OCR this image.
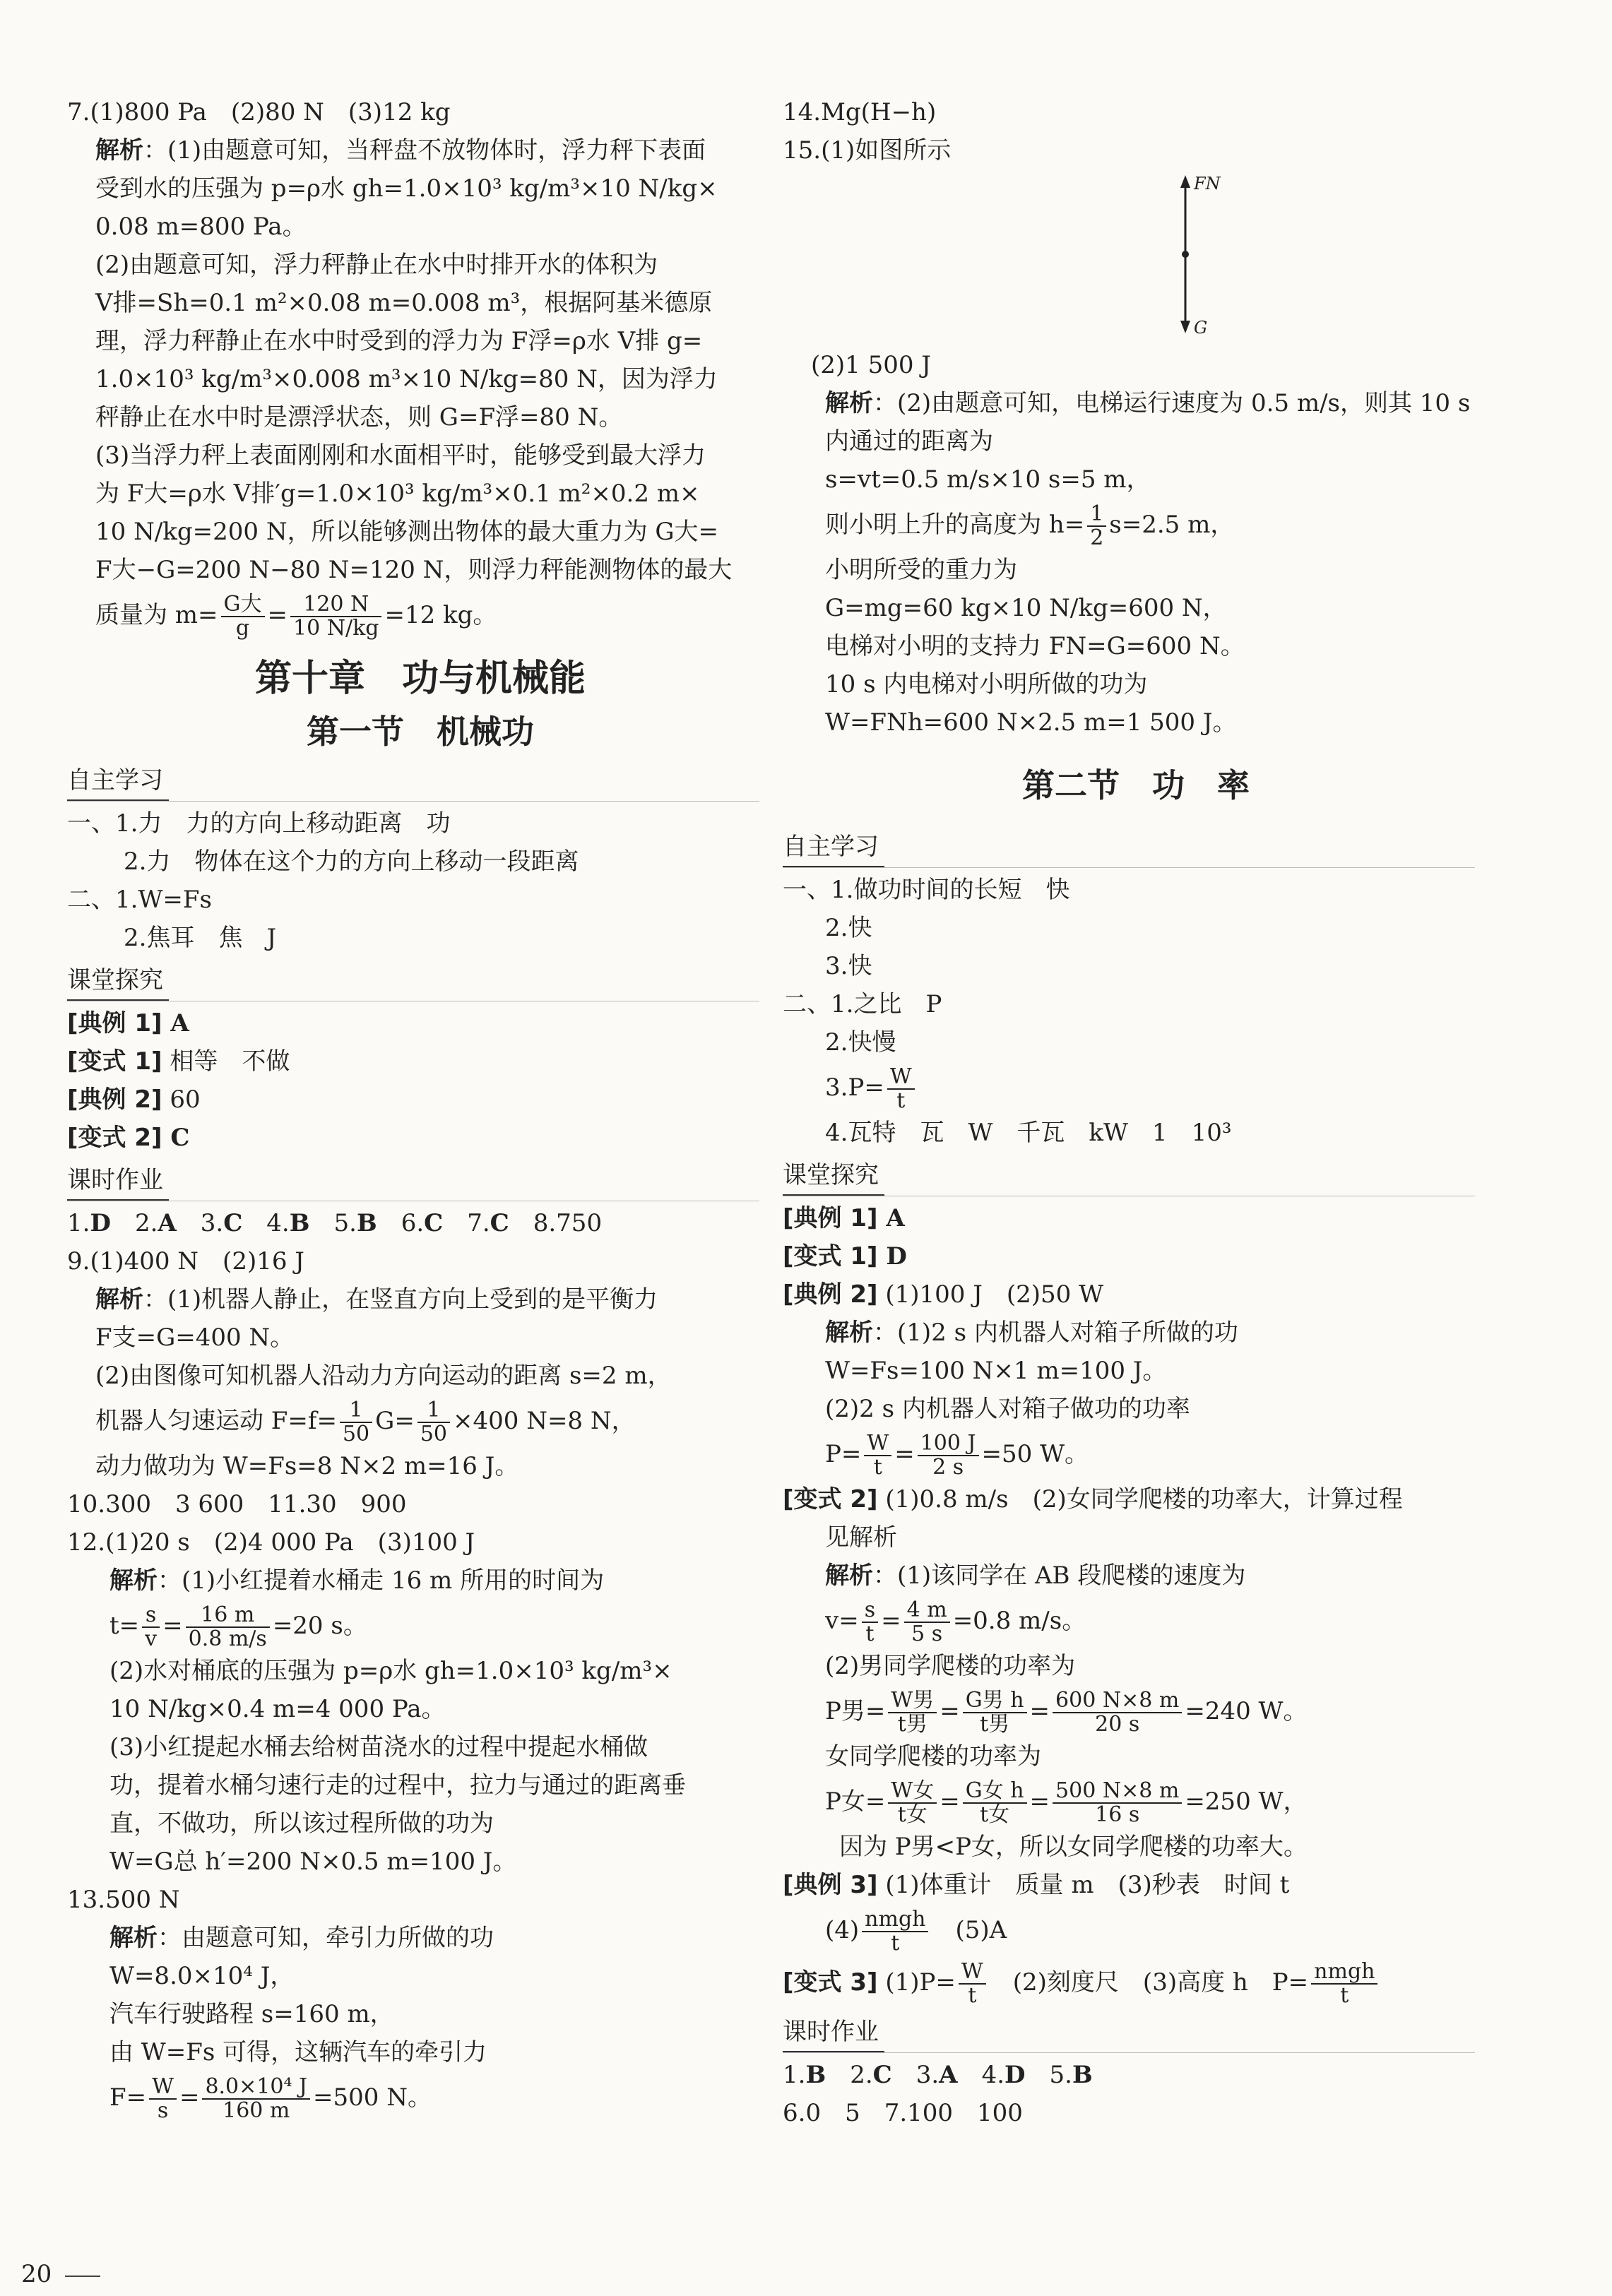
7.(1)800 Pa　(2)80 N　(3)12 kg
解析：(1)由题意可知，当秤盘不放物体时，浮力秤下表面
受到水的压强为 p=ρ水 gh=1.0×10³ kg/m³×10 N/kg×
0.08 m=800 Pa。
(2)由题意可知，浮力秤静止在水中时排开水的体积为
V排=Sh=0.1 m²×0.08 m=0.008 m³，根据阿基米德原
理，浮力秤静止在水中时受到的浮力为 F浮=ρ水 V排 g=
1.0×10³ kg/m³×0.008 m³×10 N/kg=80 N，因为浮力
秤静止在水中时是漂浮状态，则 G=F浮=80 N。
(3)当浮力秤上表面刚刚和水面相平时，能够受到最大浮力
为 F大=ρ水 V排′g=1.0×10³ kg/m³×0.1 m²×0.2 m×
10 N/kg=200 N，所以能够测出物体的最大重力为 G大=
F大−G=200 N−80 N=120 N，则浮力秤能测物体的最大
质量为 $m= \frac{\text{G大}}{g} = \frac{120 N}{10 N/kg} =12$ kg。
第十章　功与机械能
第一节　机械功
自主学习
一、1.力　力的方向上移动距离　功
2.力　物体在这个力的方向上移动一段距离
二、1.W=Fs
2.焦耳　焦　J
课堂探究
[典例 1] A
[变式 1] 相等　不做
[典例 2] 60
[变式 2] C
课时作业
1.D　 2.A　 3.C　 4.B　 5.B　 6.C　 7.C　 8.750
9.(1)400 N　(2)16 J
解析：(1)机器人静止，在竖直方向上受到的是平衡力
F支=G=400 N。
(2)由图像可知机器人沿动力方向运动的距离 s=2 m，
机器人匀速运动 $F=f= \frac{1}{50} G= \frac{1}{50} \times 400$ N=8 N，
动力做功为 W=Fs=8 N×2 m=16 J。
10.300　3 600　11.30　900
12.(1)20 s　(2)4 000 Pa　(3)100 J
解析：(1)小红提着水桶走 16 m 所用的时间为
$t= \frac{s}{v} = \frac{16 m}{0.8 m/s} =20$ s。
(2)水对桶底的压强为 p=ρ水 gh=1.0×10³ kg/m³×
10 N/kg×0.4 m=4 000 Pa。
(3)小红提起水桶去给树苗浇水的过程中提起水桶做
功，提着水桶匀速行走的过程中，拉力与通过的距离垂
直，不做功，所以该过程所做的功为
W=G总 h′=200 N×0.5 m=100 J。
13.500 N
解析：由题意可知，牵引力所做的功
W=8.0×10⁴ J，
汽车行驶路程 s=160 m，
由 W=Fs 可得，这辆汽车的牵引力
$F= \frac{W}{s} = \frac{\text{8.0×10⁴ J}}{160 m} =500$ N。
14.Mg(H−h)
15.(1)如图所示
FN
G
(2)1 500 J
解析：(2)由题意可知，电梯运行速度为 0.5 m/s，则其 10 s
内通过的距离为
s=vt=0.5 m/s×10 s=5 m，
则小明上升的高度为 $h= \frac{1}{2} s=2.5$ m，
小明所受的重力为
G=mg=60 kg×10 N/kg=600 N，
电梯对小明的支持力 FN=G=600 N。
10 s 内电梯对小明所做的功为
W=FNh=600 N×2.5 m=1 500 J。
第二节　功　率
自主学习
一、1.做功时间的长短　快
2.快
3.快
二、1.之比　P
2.快慢
$3.P= \frac{W}{t}$
4.瓦特　瓦　W　千瓦　kW　1　10³
课堂探究
[典例 1] A
[变式 1] D
[典例 2] (1)100 J　(2)50 W
解析：(1)2 s 内机器人对箱子所做的功
W=Fs=100 N×1 m=100 J。
(2)2 s 内机器人对箱子做功的功率
$P= \frac{W}{t} = \frac{100 J}{2 s} =50$ W。
[变式 2] (1)0.8 m/s　(2)女同学爬楼的功率大，计算过程
见解析
解析：(1)该同学在 AB 段爬楼的速度为
$v= \frac{s}{t} = \frac{4 m}{5 s} =0.8$ m/s。
(2)男同学爬楼的功率为
P男= $\frac{\text{W男}}{\text{t男}} = \frac{\text{G男 h}}{\text{t男}} = \frac{600 N\times 8 m}{20 s} =240$ W。
女同学爬楼的功率为
P女= $\frac{\text{W女}}{\text{t女}} = \frac{\text{G女 h}}{\text{t女}} = \frac{500 N\times 8 m}{16 s} =250$ W，
因为 P男<P女，所以女同学爬楼的功率大。
[典例 3] (1)体重计　质量 m　(3)秒表　时间 t
$(4) \frac{\text{nmgh}}{t}$ 　(5)A
[变式 3] $(1)P= \frac{W}{t}$ 　(2)刻度尺　(3)高度 h　$P= \frac{\text{nmgh}}{t}$
课时作业
1.B　 2.C　 3.A　 4.D　 5.B
6.0　5　7.100　100
20
